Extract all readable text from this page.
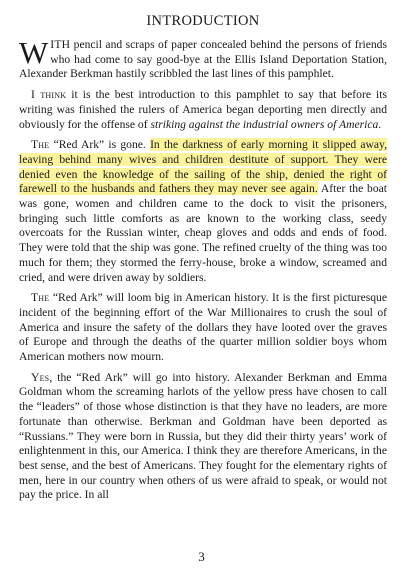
INTRODUCTION

WITH pencil and scraps of paper concealed behind the persons of friends who had come to say good-bye at the Ellis Island Deportation Station, Alexander Berkman hastily scribbled the last lines of this pamphlet.

I think it is the best introduction to this pamphlet to say that before its writing was finished the rulers of America began deporting men directly and obviously for the offense of striking against the industrial owners of America.

The “Red Ark” is gone. In the darkness of early morning it slipped away, leaving behind many wives and children destitute of support. They were denied even the knowledge of the sailing of the ship, denied the right of farewell to the husbands and fathers they may never see again. After the boat was gone, women and children came to the dock to visit the prisoners, bringing such little comforts as are known to the working class, seedy overcoats for the Russian winter, cheap gloves and odds and ends of food. They were told that the ship was gone. The refined cruelty of the thing was too much for them; they stormed the ferry-house, broke a window, screamed and cried, and were driven away by soldiers.

The “Red Ark” will loom big in American history. It is the first picturesque incident of the beginning effort of the War Millionaires to crush the soul of America and insure the safety of the dollars they have looted over the graves of Europe and through the deaths of the quarter million soldier boys whom American mothers now mourn.

Yes, the “Red Ark” will go into history. Alexander Berkman and Emma Goldman whom the screaming harlots of the yellow press have chosen to call the “leaders” of those whose distinction is that they have no leaders, are more fortunate than otherwise. Berkman and Goldman have been deported as “Russians.” They were born in Russia, but they did their thirty years’ work of enlightenment in this, our America. I think they are therefore Americans, in the best sense, and the best of Americans. They fought for the elementary rights of men, here in our country when others of us were afraid to speak, or would not pay the price. In all

3
